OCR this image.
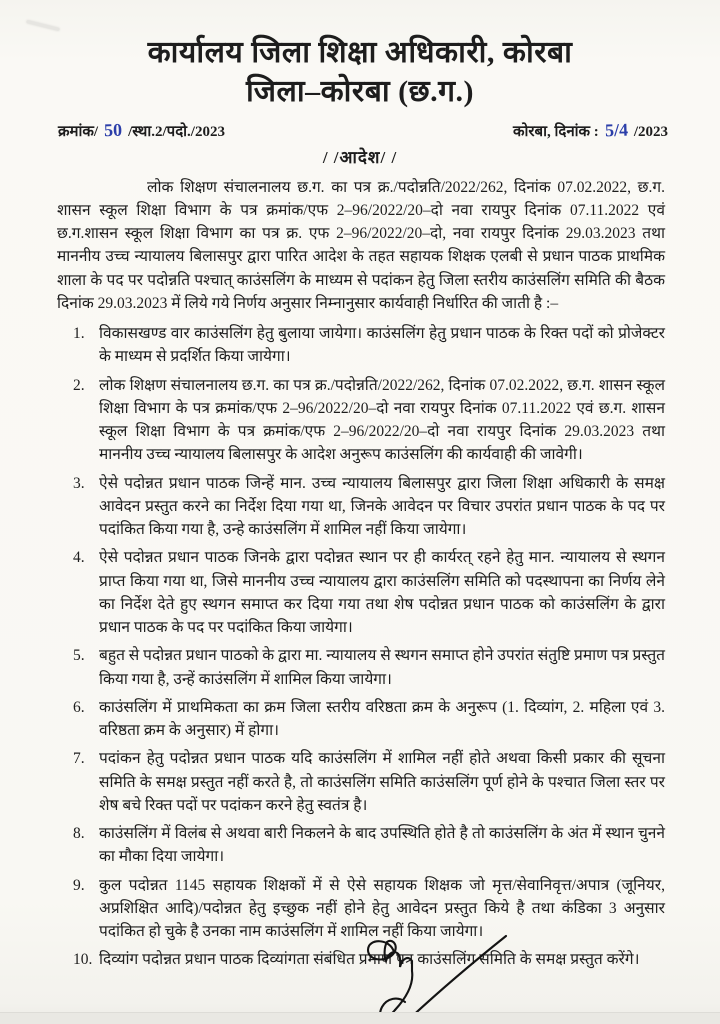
कार्यालय जिला शिक्षा अधिकारी, कोरबा
जिला–कोरबा (छ.ग.)
क्रमांक/ 50 /स्था.2/पदो./2023	कोरबा, दिनांक : 5/4 /2023
/ /आदेश/ /

लोक शिक्षण संचालनालय छ.ग. का पत्र क्र./पदोन्नति/2022/262, दिनांक 07.02.2022, छ.ग. शासन स्कूल शिक्षा विभाग के पत्र क्रमांक/एफ 2–96/2022/20–दो नवा रायपुर दिनांक 07.11.2022 एवं छ.ग.शासन स्कूल शिक्षा विभाग का पत्र क्र. एफ 2–96/2022/20–दो, नवा रायपुर दिनांक 29.03.2023 तथा माननीय उच्च न्यायालय बिलासपुर द्वारा पारित आदेश के तहत सहायक शिक्षक एलबी से प्रधान पाठक प्राथमिक शाला के पद पर पदोन्नति पश्चात् काउंसलिंग के माध्यम से पदांकन हेतु जिला स्तरीय काउंसलिंग समिति की बैठक दिनांक 29.03.2023 में लिये गये निर्णय अनुसार निम्नानुसार कार्यवाही निर्धारित की जाती है :–

1. विकासखण्ड वार काउंसलिंग हेतु बुलाया जायेगा। काउंसलिंग हेतु प्रधान पाठक के रिक्त पदों को प्रोजेक्टर के माध्यम से प्रदर्शित किया जायेगा।
2. लोक शिक्षण संचालनालय छ.ग. का पत्र क्र./पदोन्नति/2022/262, दिनांक 07.02.2022, छ.ग. शासन स्कूल शिक्षा विभाग के पत्र क्रमांक/एफ 2–96/2022/20–दो नवा रायपुर दिनांक 07.11.2022 एवं छ.ग. शासन स्कूल शिक्षा विभाग के पत्र क्रमांक/एफ 2–96/2022/20–दो नवा रायपुर दिनांक 29.03.2023 तथा माननीय उच्च न्यायालय बिलासपुर के आदेश अनुरूप काउंसलिंग की कार्यवाही की जावेगी।
3. ऐसे पदोन्नत प्रधान पाठक जिन्हें मान. उच्च न्यायालय बिलासपुर द्वारा जिला शिक्षा अधिकारी के समक्ष आवेदन प्रस्तुत करने का निर्देश दिया गया था, जिनके आवेदन पर विचार उपरांत प्रधान पाठक के पद पर पदांकित किया गया है, उन्हे काउंसलिंग में शामिल नहीं किया जायेगा।
4. ऐसे पदोन्नत प्रधान पाठक जिनके द्वारा पदोन्नत स्थान पर ही कार्यरत् रहने हेतु मान. न्यायालय से स्थगन प्राप्त किया गया था, जिसे माननीय उच्च न्यायालय द्वारा काउंसलिंग समिति को पदस्थापना का निर्णय लेने का निर्देश देते हुए स्थगन समाप्त कर दिया गया तथा शेष पदोन्नत प्रधान पाठक को काउंसलिंग के द्वारा प्रधान पाठक के पद पर पदांकित किया जायेगा।
5. बहुत से पदोन्नत प्रधान पाठको के द्वारा मा. न्यायालय से स्थगन समाप्त होने उपरांत संतुष्टि प्रमाण पत्र प्रस्तुत किया गया है, उन्हें काउंसलिंग में शामिल किया जायेगा।
6. काउंसलिंग में प्राथमिकता का क्रम जिला स्तरीय वरिष्ठता क्रम के अनुरूप (1. दिव्यांग, 2. महिला एवं 3. वरिष्ठता क्रम के अनुसार) में होगा।
7. पदांकन हेतु पदोन्नत प्रधान पाठक यदि काउंसलिंग में शामिल नहीं होते अथवा किसी प्रकार की सूचना समिति के समक्ष प्रस्तुत नहीं करते है, तो काउंसलिंग समिति काउंसलिंग पूर्ण होने के पश्चात जिला स्तर पर शेष बचे रिक्त पदों पर पदांकन करने हेतु स्वतंत्र है।
8. काउंसलिंग में विलंब से अथवा बारी निकलने के बाद उपस्थिति होते है तो काउंसलिंग के अंत में स्थान चुनने का मौका दिया जायेगा।
9. कुल पदोन्नत 1145 सहायक शिक्षकों में से ऐसे सहायक शिक्षक जो मृत्त/सेवानिवृत्त/अपात्र (जूनियर, अप्रशिक्षित आदि)/पदोन्नत हेतु इच्छुक नहीं होने हेतु आवेदन प्रस्तुत किये है तथा कंडिका 3 अनुसार पदांकित हो चुके है उनका नाम काउंसलिंग में शामिल नहीं किया जायेगा।
10. दिव्यांग पदोन्नत प्रधान पाठक दिव्यांगता संबंधित प्रमाण पत्र काउंसलिंग समिति के समक्ष प्रस्तुत करेंगे।
